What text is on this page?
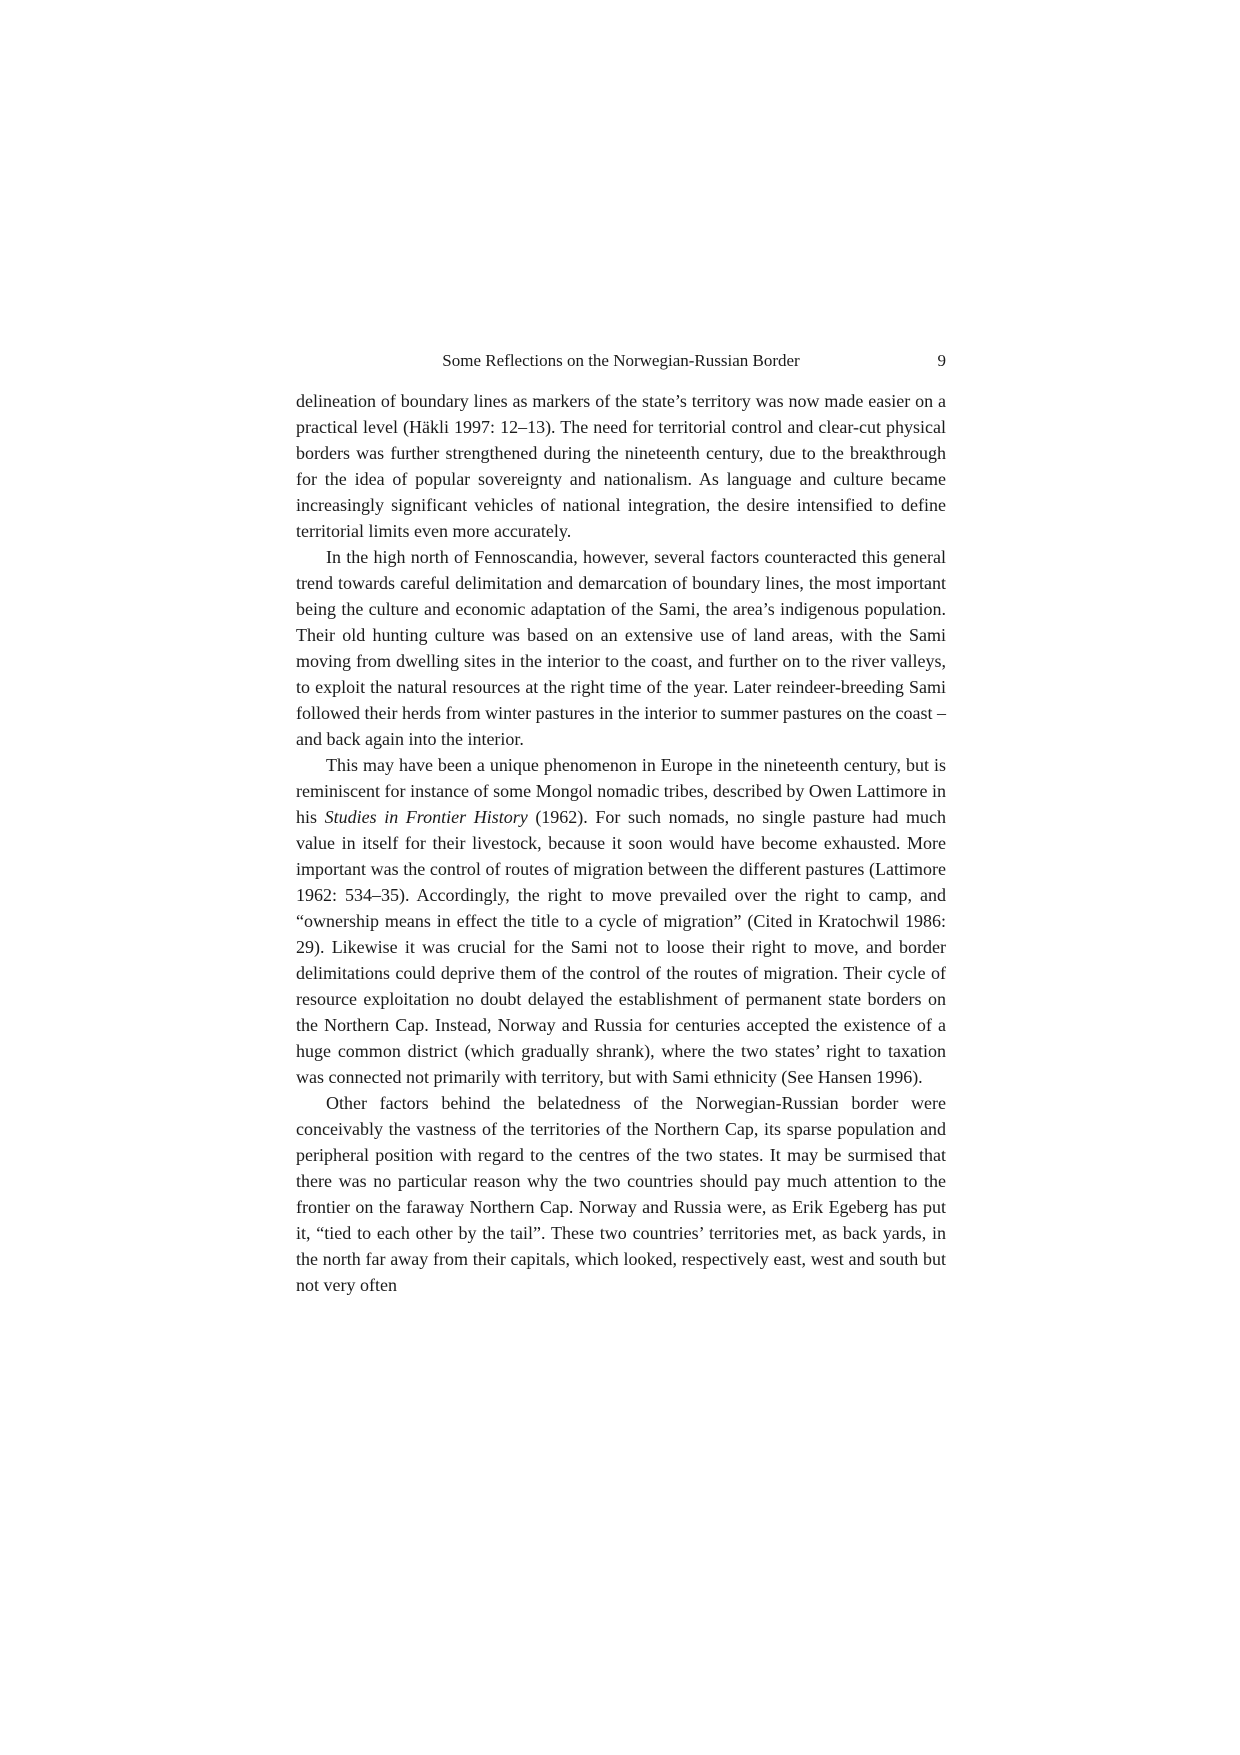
Some Reflections on the Norwegian-Russian Border	9

delineation of boundary lines as markers of the state’s territory was now made easier on a practical level (Häkli 1997: 12–13). The need for territorial control and clear-cut physical borders was further strengthened during the nineteenth century, due to the breakthrough for the idea of popular sovereignty and nationalism. As language and culture became increasingly significant vehicles of national integration, the desire intensified to define territorial limits even more accurately.

In the high north of Fennoscandia, however, several factors counteracted this general trend towards careful delimitation and demarcation of boundary lines, the most important being the culture and economic adaptation of the Sami, the area’s indigenous population. Their old hunting culture was based on an extensive use of land areas, with the Sami moving from dwelling sites in the interior to the coast, and further on to the river valleys, to exploit the natural resources at the right time of the year. Later reindeer-breeding Sami followed their herds from winter pastures in the interior to summer pastures on the coast – and back again into the interior.

This may have been a unique phenomenon in Europe in the nineteenth century, but is reminiscent for instance of some Mongol nomadic tribes, described by Owen Lattimore in his Studies in Frontier History (1962). For such nomads, no single pasture had much value in itself for their livestock, because it soon would have become exhausted. More important was the control of routes of migration between the different pastures (Lattimore 1962: 534–35). Accordingly, the right to move prevailed over the right to camp, and “ownership means in effect the title to a cycle of migration” (Cited in Kratochwil 1986: 29). Likewise it was crucial for the Sami not to loose their right to move, and border delimitations could deprive them of the control of the routes of migration. Their cycle of resource exploitation no doubt delayed the establishment of permanent state borders on the Northern Cap. Instead, Norway and Russia for centuries accepted the existence of a huge common district (which gradually shrank), where the two states’ right to taxation was connected not primarily with territory, but with Sami ethnicity (See Hansen 1996).

Other factors behind the belatedness of the Norwegian-Russian border were conceivably the vastness of the territories of the Northern Cap, its sparse population and peripheral position with regard to the centres of the two states. It may be surmised that there was no particular reason why the two countries should pay much attention to the frontier on the faraway Northern Cap. Norway and Russia were, as Erik Egeberg has put it, “tied to each other by the tail”. These two countries’ territories met, as back yards, in the north far away from their capitals, which looked, respectively east, west and south but not very often
